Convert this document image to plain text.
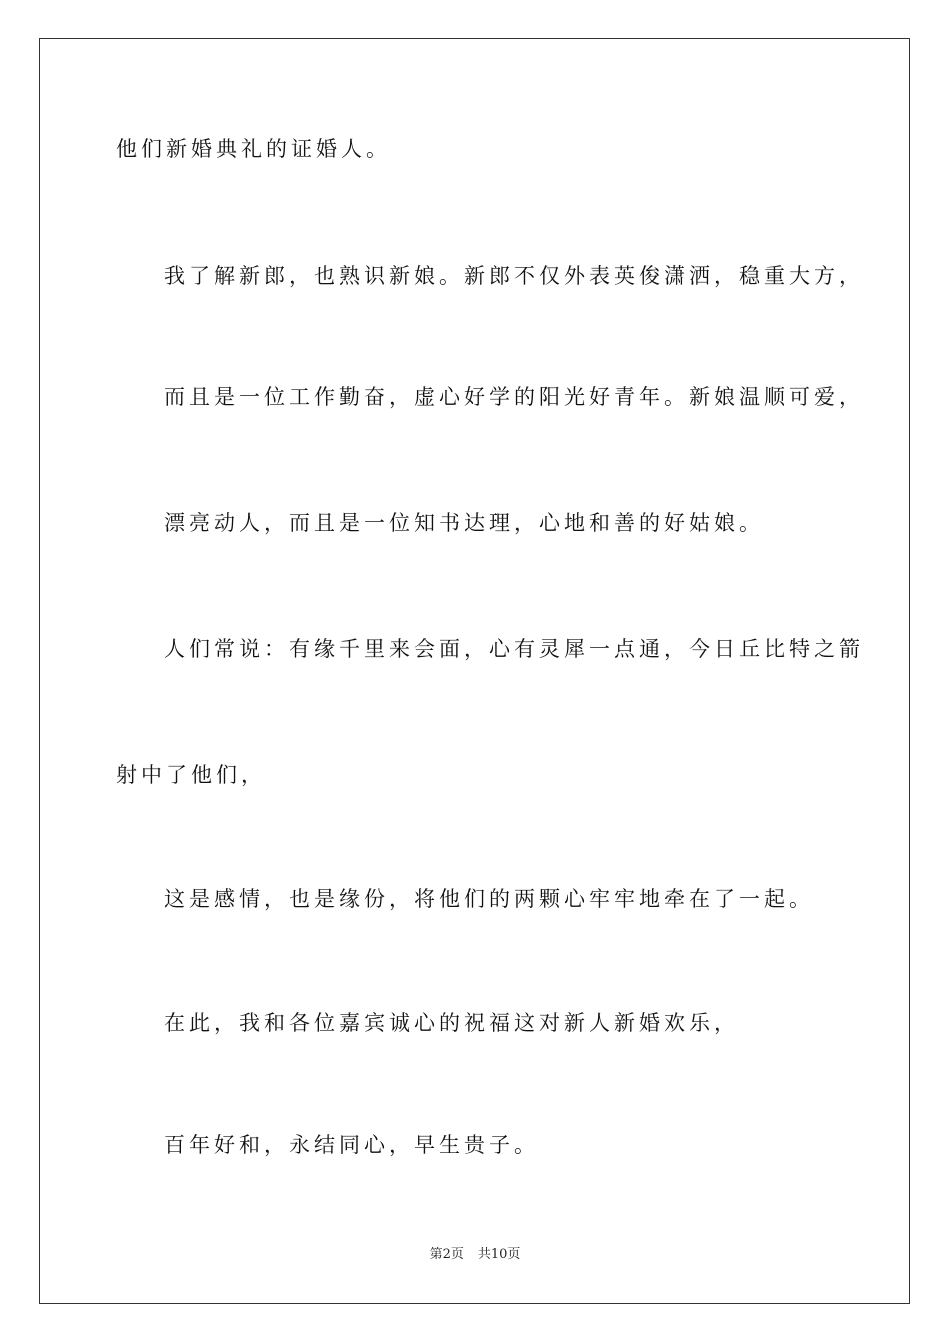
他们新婚典礼的证婚人。
我了解新郎，也熟识新娘。新郎不仅外表英俊潇洒，稳重大方，
而且是一位工作勤奋，虚心好学的阳光好青年。新娘温顺可爱，
漂亮动人，而且是一位知书达理，心地和善的好姑娘。
人们常说：有缘千里来会面，心有灵犀一点通，今日丘比特之箭
射中了他们，
这是感情，也是缘份，将他们的两颗心牢牢地牵在了一起。
在此，我和各位嘉宾诚心的祝福这对新人新婚欢乐，
百年好和，永结同心，早生贵子。
第2页 共10页
